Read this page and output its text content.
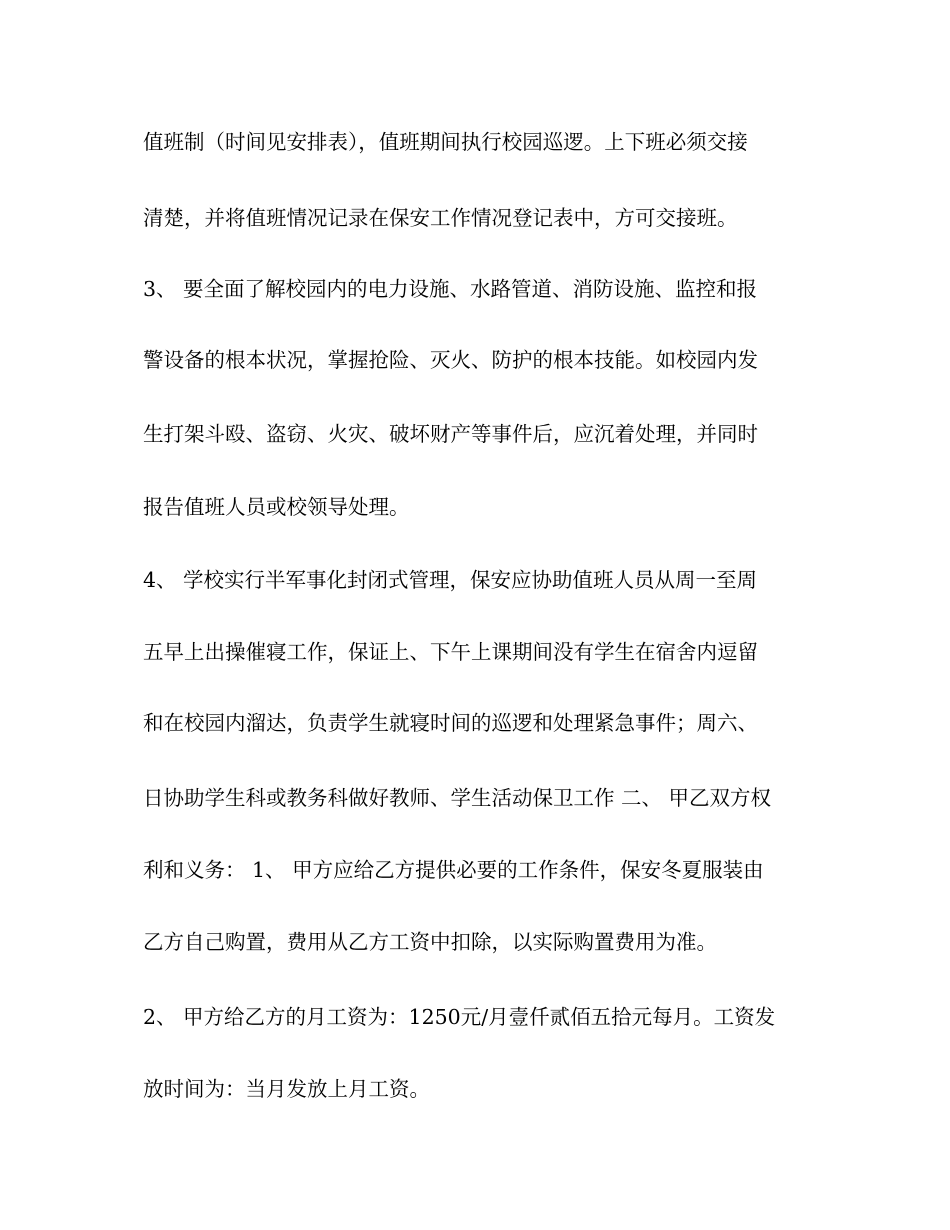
值班制（时间见安排表），值班期间执行校园巡逻。上下班必须交接
清楚，并将值班情况记录在保安工作情况登记表中，方可交接班。
3、 要全面了解校园内的电力设施、水路管道、消防设施、监控和报
警设备的根本状况，掌握抢险、灭火、防护的根本技能。如校园内发
生打架斗殴、盗窃、火灾、破坏财产等事件后，应沉着处理，并同时
报告值班人员或校领导处理。
4、 学校实行半军事化封闭式管理，保安应协助值班人员从周一至周
五早上出操催寝工作，保证上、下午上课期间没有学生在宿舍内逗留
和在校园内溜达，负责学生就寝时间的巡逻和处理紧急事件；周六、
日协助学生科或教务科做好教师、学生活动保卫工作 二、 甲乙双方权
利和义务： 1、 甲方应给乙方提供必要的工作条件，保安冬夏服装由
乙方自己购置，费用从乙方工资中扣除，以实际购置费用为准。
2、 甲方给乙方的月工资为：1250元/月壹仟贰佰五拾元每月。工资发
放时间为：当月发放上月工资。
